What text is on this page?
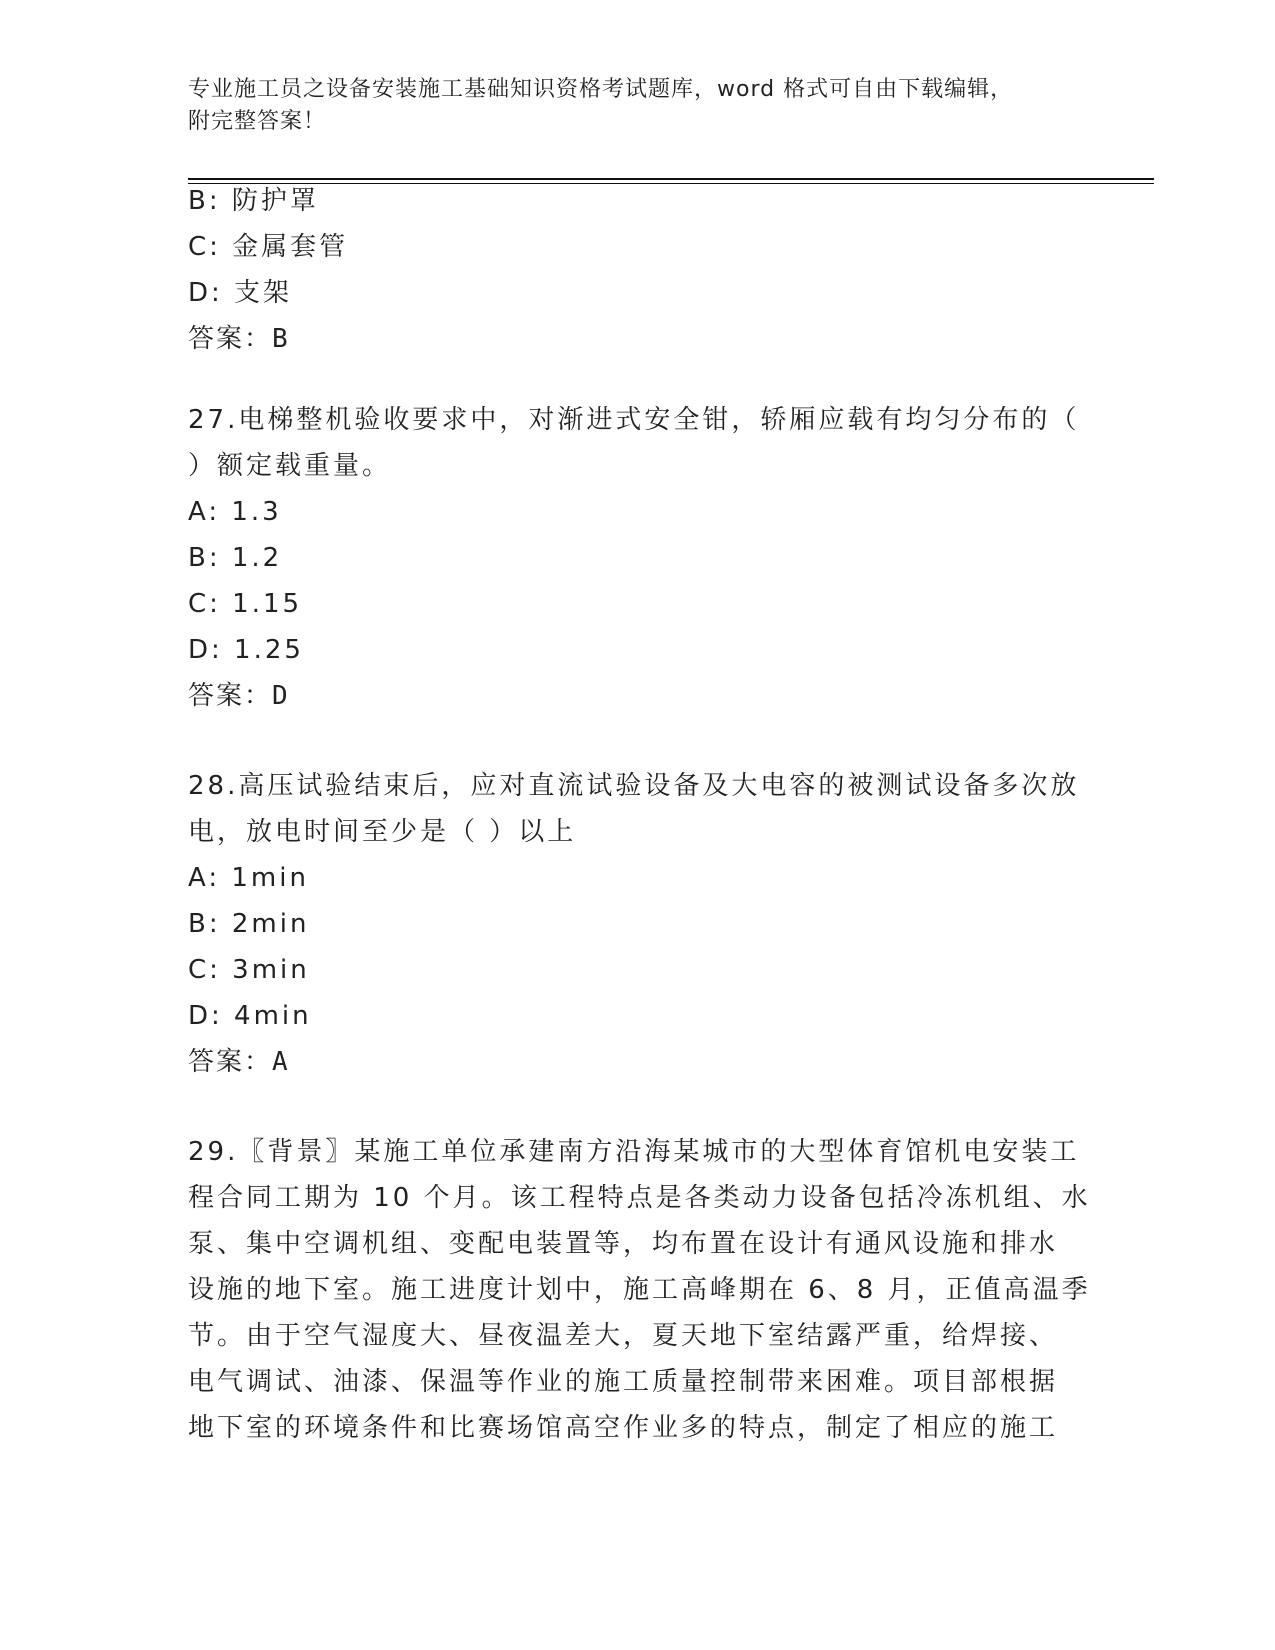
专业施工员之设备安装施工基础知识资格考试题库，word 格式可自由下载编辑，
附完整答案！
B: 防护罩
C: 金属套管
D: 支架
答案：B
27.电梯整机验收要求中，对渐进式安全钳，轿厢应载有均匀分布的（
）额定载重量。
A: 1.3
B: 1.2
C: 1.15
D: 1.25
答案：D
28.高压试验结束后，应对直流试验设备及大电容的被测试设备多次放
电，放电时间至少是（ ）以上
A: 1min
B: 2min
C: 3min
D: 4min
答案：A
29.〖背景〗某施工单位承建南方沿海某城市的大型体育馆机电安装工
程合同工期为 10 个月。该工程特点是各类动力设备包括冷冻机组、水
泵、集中空调机组、变配电装置等，均布置在设计有通风设施和排水
设施的地下室。施工进度计划中，施工高峰期在 6、8 月，正值高温季
节。由于空气湿度大、昼夜温差大，夏天地下室结露严重，给焊接、
电气调试、油漆、保温等作业的施工质量控制带来困难。项目部根据
地下室的环境条件和比赛场馆高空作业多的特点，制定了相应的施工
